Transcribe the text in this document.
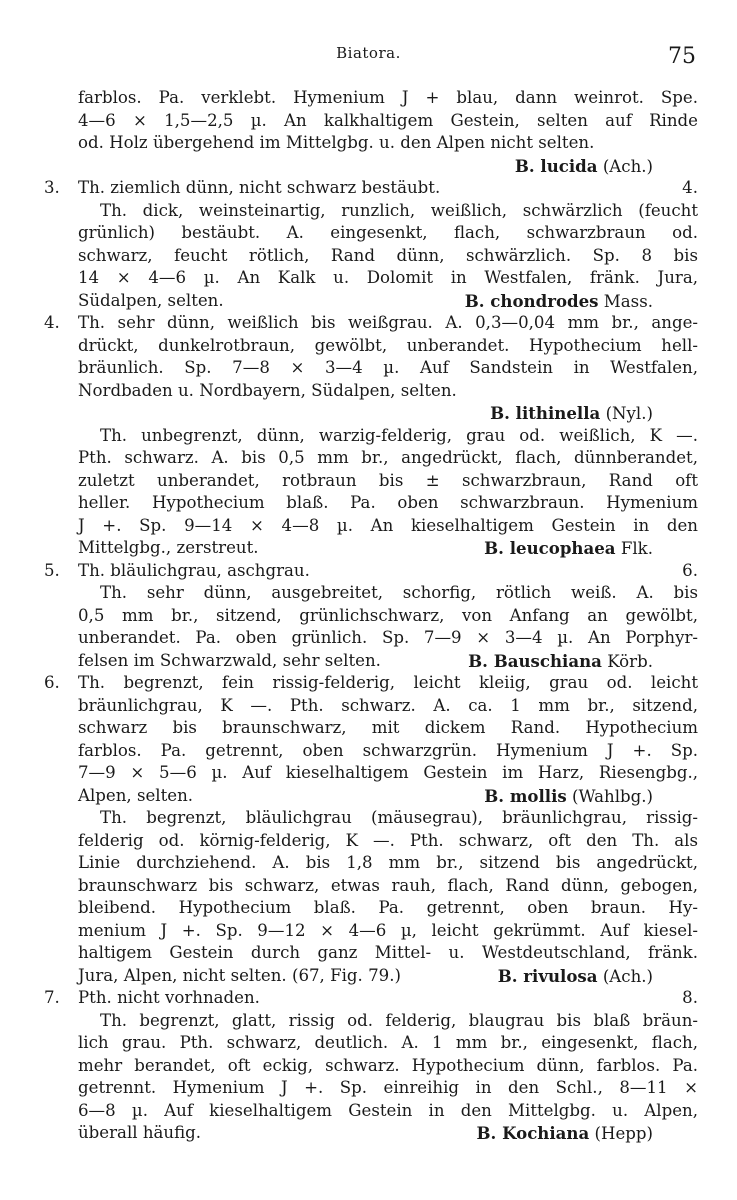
Biatora.	75
farblos. Pa. verklebt. Hymenium J + blau, dann weinrot. Spe.
4—6 × 1,5—2,5 µ. An kalkhaltigem Gestein, selten auf Rinde
od. Holz übergehend im Mittelgbg. u. den Alpen nicht selten.
B. lucida (Ach.)
3. Th. ziemlich dünn, nicht schwarz bestäubt.	4.
Th. dick, weinsteinartig, runzlich, weißlich, schwärzlich (feucht
grünlich) bestäubt. A. eingesenkt, flach, schwarzbraun od.
schwarz, feucht rötlich, Rand dünn, schwärzlich. Sp. 8 bis
14 × 4—6 µ. An Kalk u. Dolomit in Westfalen, fränk. Jura,
Südalpen, selten.	B. chondrodes Mass.
4. Th. sehr dünn, weißlich bis weißgrau. A. 0,3—0,04 mm br., ange-
drückt, dunkelrotbraun, gewölbt, unberandet. Hypothecium hell-
bräunlich. Sp. 7—8 × 3—4 µ. Auf Sandstein in Westfalen,
Nordbaden u. Nordbayern, Südalpen, selten.
B. lithinella (Nyl.)
Th. unbegrenzt, dünn, warzig-felderig, grau od. weißlich, K —.
Pth. schwarz. A. bis 0,5 mm br., angedrückt, flach, dünnberandet,
zuletzt unberandet, rotbraun bis ± schwarzbraun, Rand oft
heller. Hypothecium blaß. Pa. oben schwarzbraun. Hymenium
J +. Sp. 9—14 × 4—8 µ. An kieselhaltigem Gestein in den
Mittelgbg., zerstreut.	B. leucophaea Flk.
5. Th. bläulichgrau, aschgrau.	6.
Th. sehr dünn, ausgebreitet, schorfig, rötlich weiß. A. bis
0,5 mm br., sitzend, grünlichschwarz, von Anfang an gewölbt,
unberandet. Pa. oben grünlich. Sp. 7—9 × 3—4 µ. An Porphyr-
felsen im Schwarzwald, sehr selten.	B. Bauschiana Körb.
6. Th. begrenzt, fein rissig-felderig, leicht kleiig, grau od. leicht
bräunlichgrau, K —. Pth. schwarz. A. ca. 1 mm br., sitzend,
schwarz bis braunschwarz, mit dickem Rand. Hypothecium
farblos. Pa. getrennt, oben schwarzgrün. Hymenium J +. Sp.
7—9 × 5—6 µ. Auf kieselhaltigem Gestein im Harz, Riesengbg.,
Alpen, selten.	B. mollis (Wahlbg.)
Th. begrenzt, bläulichgrau (mäusegrau), bräunlichgrau, rissig-
felderig od. körnig-felderig, K —. Pth. schwarz, oft den Th. als
Linie durchziehend. A. bis 1,8 mm br., sitzend bis angedrückt,
braunschwarz bis schwarz, etwas rauh, flach, Rand dünn, gebogen,
bleibend. Hypothecium blaß. Pa. getrennt, oben braun. Hy-
menium J +. Sp. 9—12 × 4—6 µ, leicht gekrümmt. Auf kiesel-
haltigem Gestein durch ganz Mittel- u. Westdeutschland, fränk.
Jura, Alpen, nicht selten. (67, Fig. 79.)	B. rivulosa (Ach.)
7. Pth. nicht vorhnaden.	8.
Th. begrenzt, glatt, rissig od. felderig, blaugrau bis blaß bräun-
lich grau. Pth. schwarz, deutlich. A. 1 mm br., eingesenkt, flach,
mehr berandet, oft eckig, schwarz. Hypothecium dünn, farblos. Pa.
getrennt. Hymenium J +. Sp. einreihig in den Schl., 8—11 ×
6—8 µ. Auf kieselhaltigem Gestein in den Mittelgbg. u. Alpen,
überall häufig.	B. Kochiana (Hepp)
